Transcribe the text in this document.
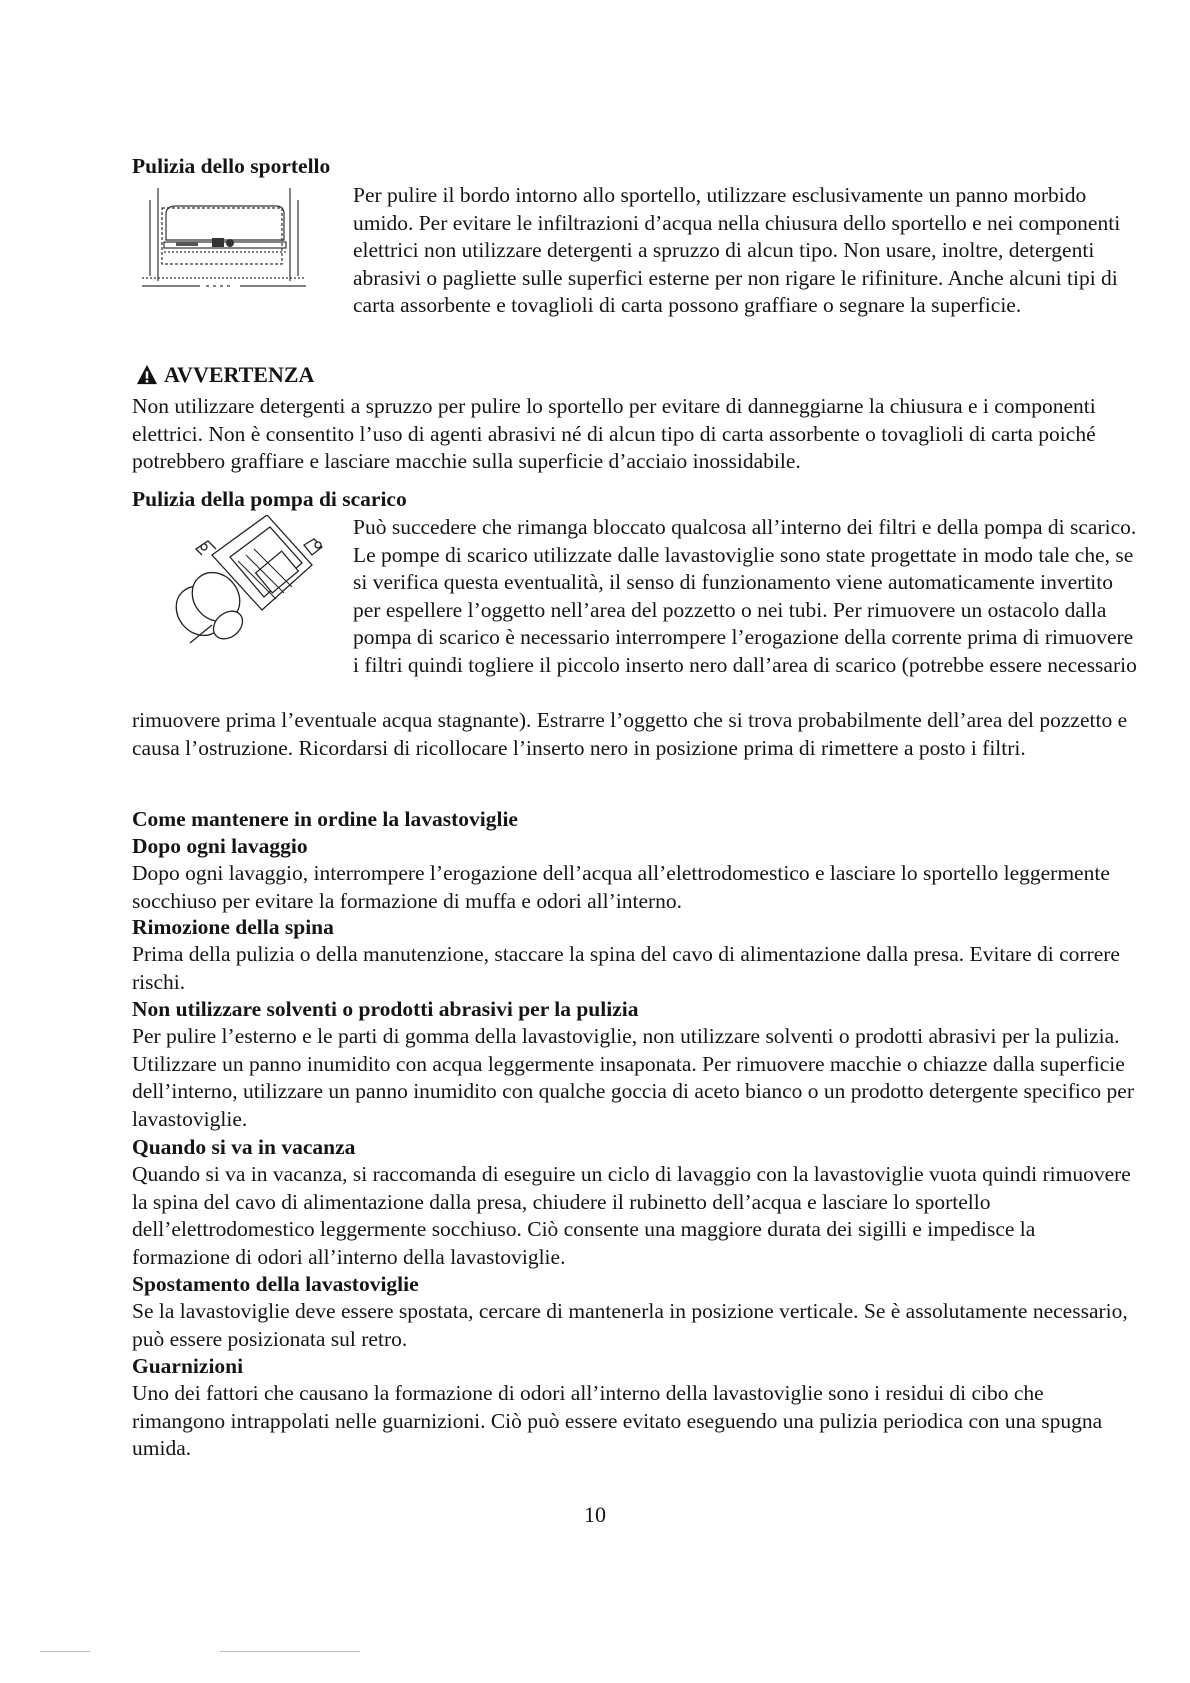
Pulizia dello sportello

Per pulire il bordo intorno allo sportello, utilizzare esclusivamente un panno morbido umido. Per evitare le infiltrazioni d’acqua nella chiusura dello sportello e nei componenti elettrici non utilizzare detergenti a spruzzo di alcun tipo. Non usare, inoltre, detergenti abrasivi o pagliette sulle superfici esterne per non rigare le rifiniture. Anche alcuni tipi di carta assorbente e tovaglioli di carta possono graffiare o segnare la superficie.

AVVERTENZA

Non utilizzare detergenti a spruzzo per pulire lo sportello per evitare di danneggiarne la chiusura e i componenti elettrici. Non è consentito l’uso di agenti abrasivi né di alcun tipo di carta assorbente o tovaglioli di carta poiché potrebbero graffiare e lasciare macchie sulla superficie d’acciaio inossidabile.

Pulizia della pompa di scarico

Può succedere che rimanga bloccato qualcosa all’interno dei filtri e della pompa di scarico. Le pompe di scarico utilizzate dalle lavastoviglie sono state progettate in modo tale che, se si verifica questa eventualità, il senso di funzionamento viene automaticamente invertito per espellere l’oggetto nell’area del pozzetto o nei tubi. Per rimuovere un ostacolo dalla pompa di scarico è necessario interrompere l’erogazione della corrente prima di rimuovere i filtri quindi togliere il piccolo inserto nero dall’area di scarico (potrebbe essere necessario

rimuovere prima l’eventuale acqua stagnante). Estrarre l’oggetto che si trova probabilmente dell’area del pozzetto e causa l’ostruzione. Ricordarsi di ricollocare l’inserto nero in posizione prima di rimettere a posto i filtri.

Come mantenere in ordine la lavastoviglie
Dopo ogni lavaggio

Dopo ogni lavaggio, interrompere l’erogazione dell’acqua all’elettrodomestico e lasciare lo sportello leggermente socchiuso per evitare la formazione di muffa e odori all’interno.

Rimozione della spina

Prima della pulizia o della manutenzione, staccare la spina del cavo di alimentazione dalla presa. Evitare di correre rischi.

Non utilizzare solventi o prodotti abrasivi per la pulizia

Per pulire l’esterno e le parti di gomma della lavastoviglie, non utilizzare solventi o prodotti abrasivi per la pulizia. Utilizzare un panno inumidito con acqua leggermente insaponata. Per rimuovere macchie o chiazze dalla superficie dell’interno, utilizzare un panno inumidito con qualche goccia di aceto bianco o un prodotto detergente specifico per lavastoviglie.

Quando si va in vacanza

Quando si va in vacanza, si raccomanda di eseguire un ciclo di lavaggio con la lavastoviglie vuota quindi rimuovere la spina del cavo di alimentazione dalla presa, chiudere il rubinetto dell’acqua e lasciare lo sportello dell’elettrodomestico leggermente socchiuso. Ciò consente una maggiore durata dei sigilli e impedisce la formazione di odori all’interno della lavastoviglie.

Spostamento della lavastoviglie

Se la lavastoviglie deve essere spostata, cercare di mantenerla in posizione verticale. Se è assolutamente necessario, può essere posizionata sul retro.

Guarnizioni

Uno dei fattori che causano la formazione di odori all’interno della lavastoviglie sono i residui di cibo che rimangono intrappolati nelle guarnizioni. Ciò può essere evitato eseguendo una pulizia periodica con una spugna umida.

10
